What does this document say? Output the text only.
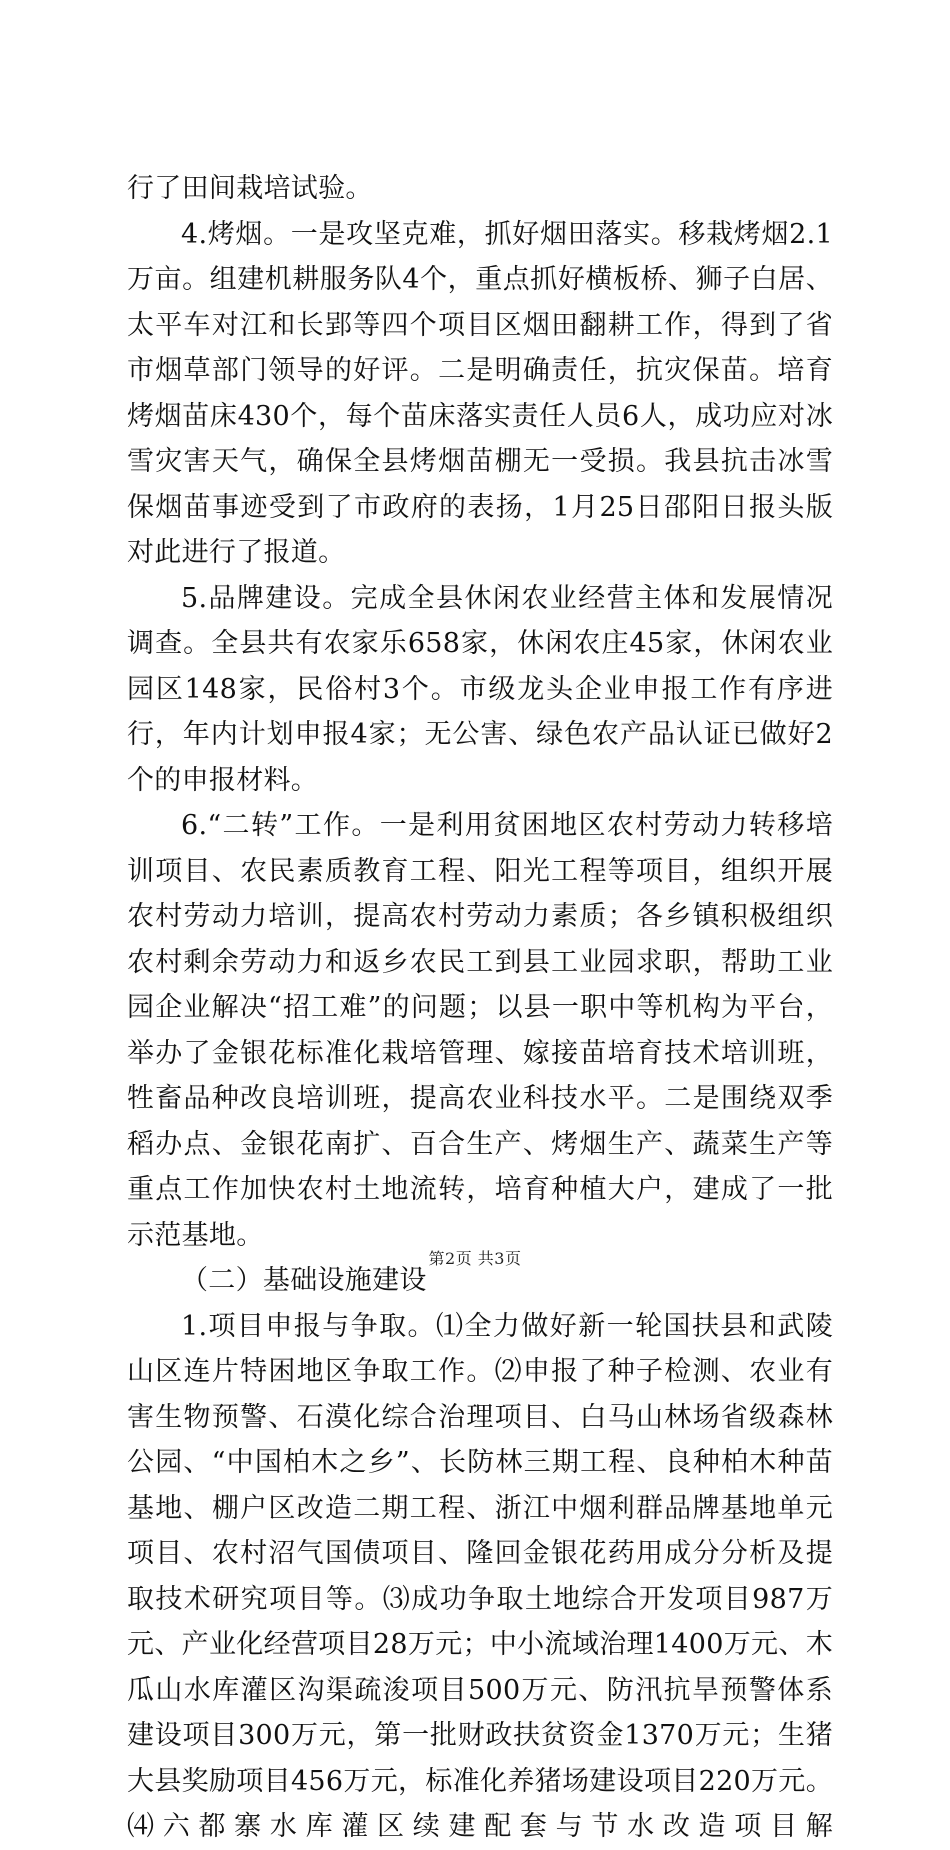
行了田间栽培试验。

4.烤烟。一是攻坚克难，抓好烟田落实。移栽烤烟2.1万亩。组建机耕服务队4个，重点抓好横板桥、狮子白居、太平车对江和长郢等四个项目区烟田翻耕工作，得到了省市烟草部门领导的好评。二是明确责任，抗灾保苗。培育烤烟苗床430个，每个苗床落实责任人员6人，成功应对冰雪灾害天气，确保全县烤烟苗棚无一受损。我县抗击冰雪保烟苗事迹受到了市政府的表扬，1月25日邵阳日报头版对此进行了报道。

5.品牌建设。完成全县休闲农业经营主体和发展情况调查。全县共有农家乐658家，休闲农庄45家，休闲农业园区148家，民俗村3个。市级龙头企业申报工作有序进行，年内计划申报4家；无公害、绿色农产品认证已做好2个的申报材料。

6.“二转”工作。一是利用贫困地区农村劳动力转移培训项目、农民素质教育工程、阳光工程等项目，组织开展农村劳动力培训，提高农村劳动力素质；各乡镇积极组织农村剩余劳动力和返乡农民工到县工业园求职，帮助工业园企业解决“招工难”的问题；以县一职中等机构为平台，举办了金银花标准化栽培管理、嫁接苗培育技术培训班，牲畜品种改良培训班，提高农业科技水平。二是围绕双季稻办点、金银花南扩、百合生产、烤烟生产、蔬菜生产等重点工作加快农村土地流转，培育种植大户，建成了一批示范基地。

（二）基础设施建设

1.项目申报与争取。⑴全力做好新一轮国扶县和武陵山区连片特困地区争取工作。⑵申报了种子检测、农业有害生物预警、石漠化综合治理项目、白马山林场省级森林公园、“中国柏木之乡”、长防林三期工程、良种柏木种苗基地、棚户区改造二期工程、浙江中烟利群品牌基地单元项目、农村沼气国债项目、隆回金银花药用成分分析及提取技术研究项目等。⑶成功争取土地综合开发项目987万元、产业化经营项目28万元；中小流域治理1400万元、木瓜山水库灌区沟渠疏浚项目500万元、防汛抗旱预警体系建设项目300万元，第一批财政扶贫资金1370万元；生猪大县奖励项目456万元，标准化养猪场建设项目220万元。⑷六都寨水库灌区续建配套与节水改造项目解

第2页 共3页
